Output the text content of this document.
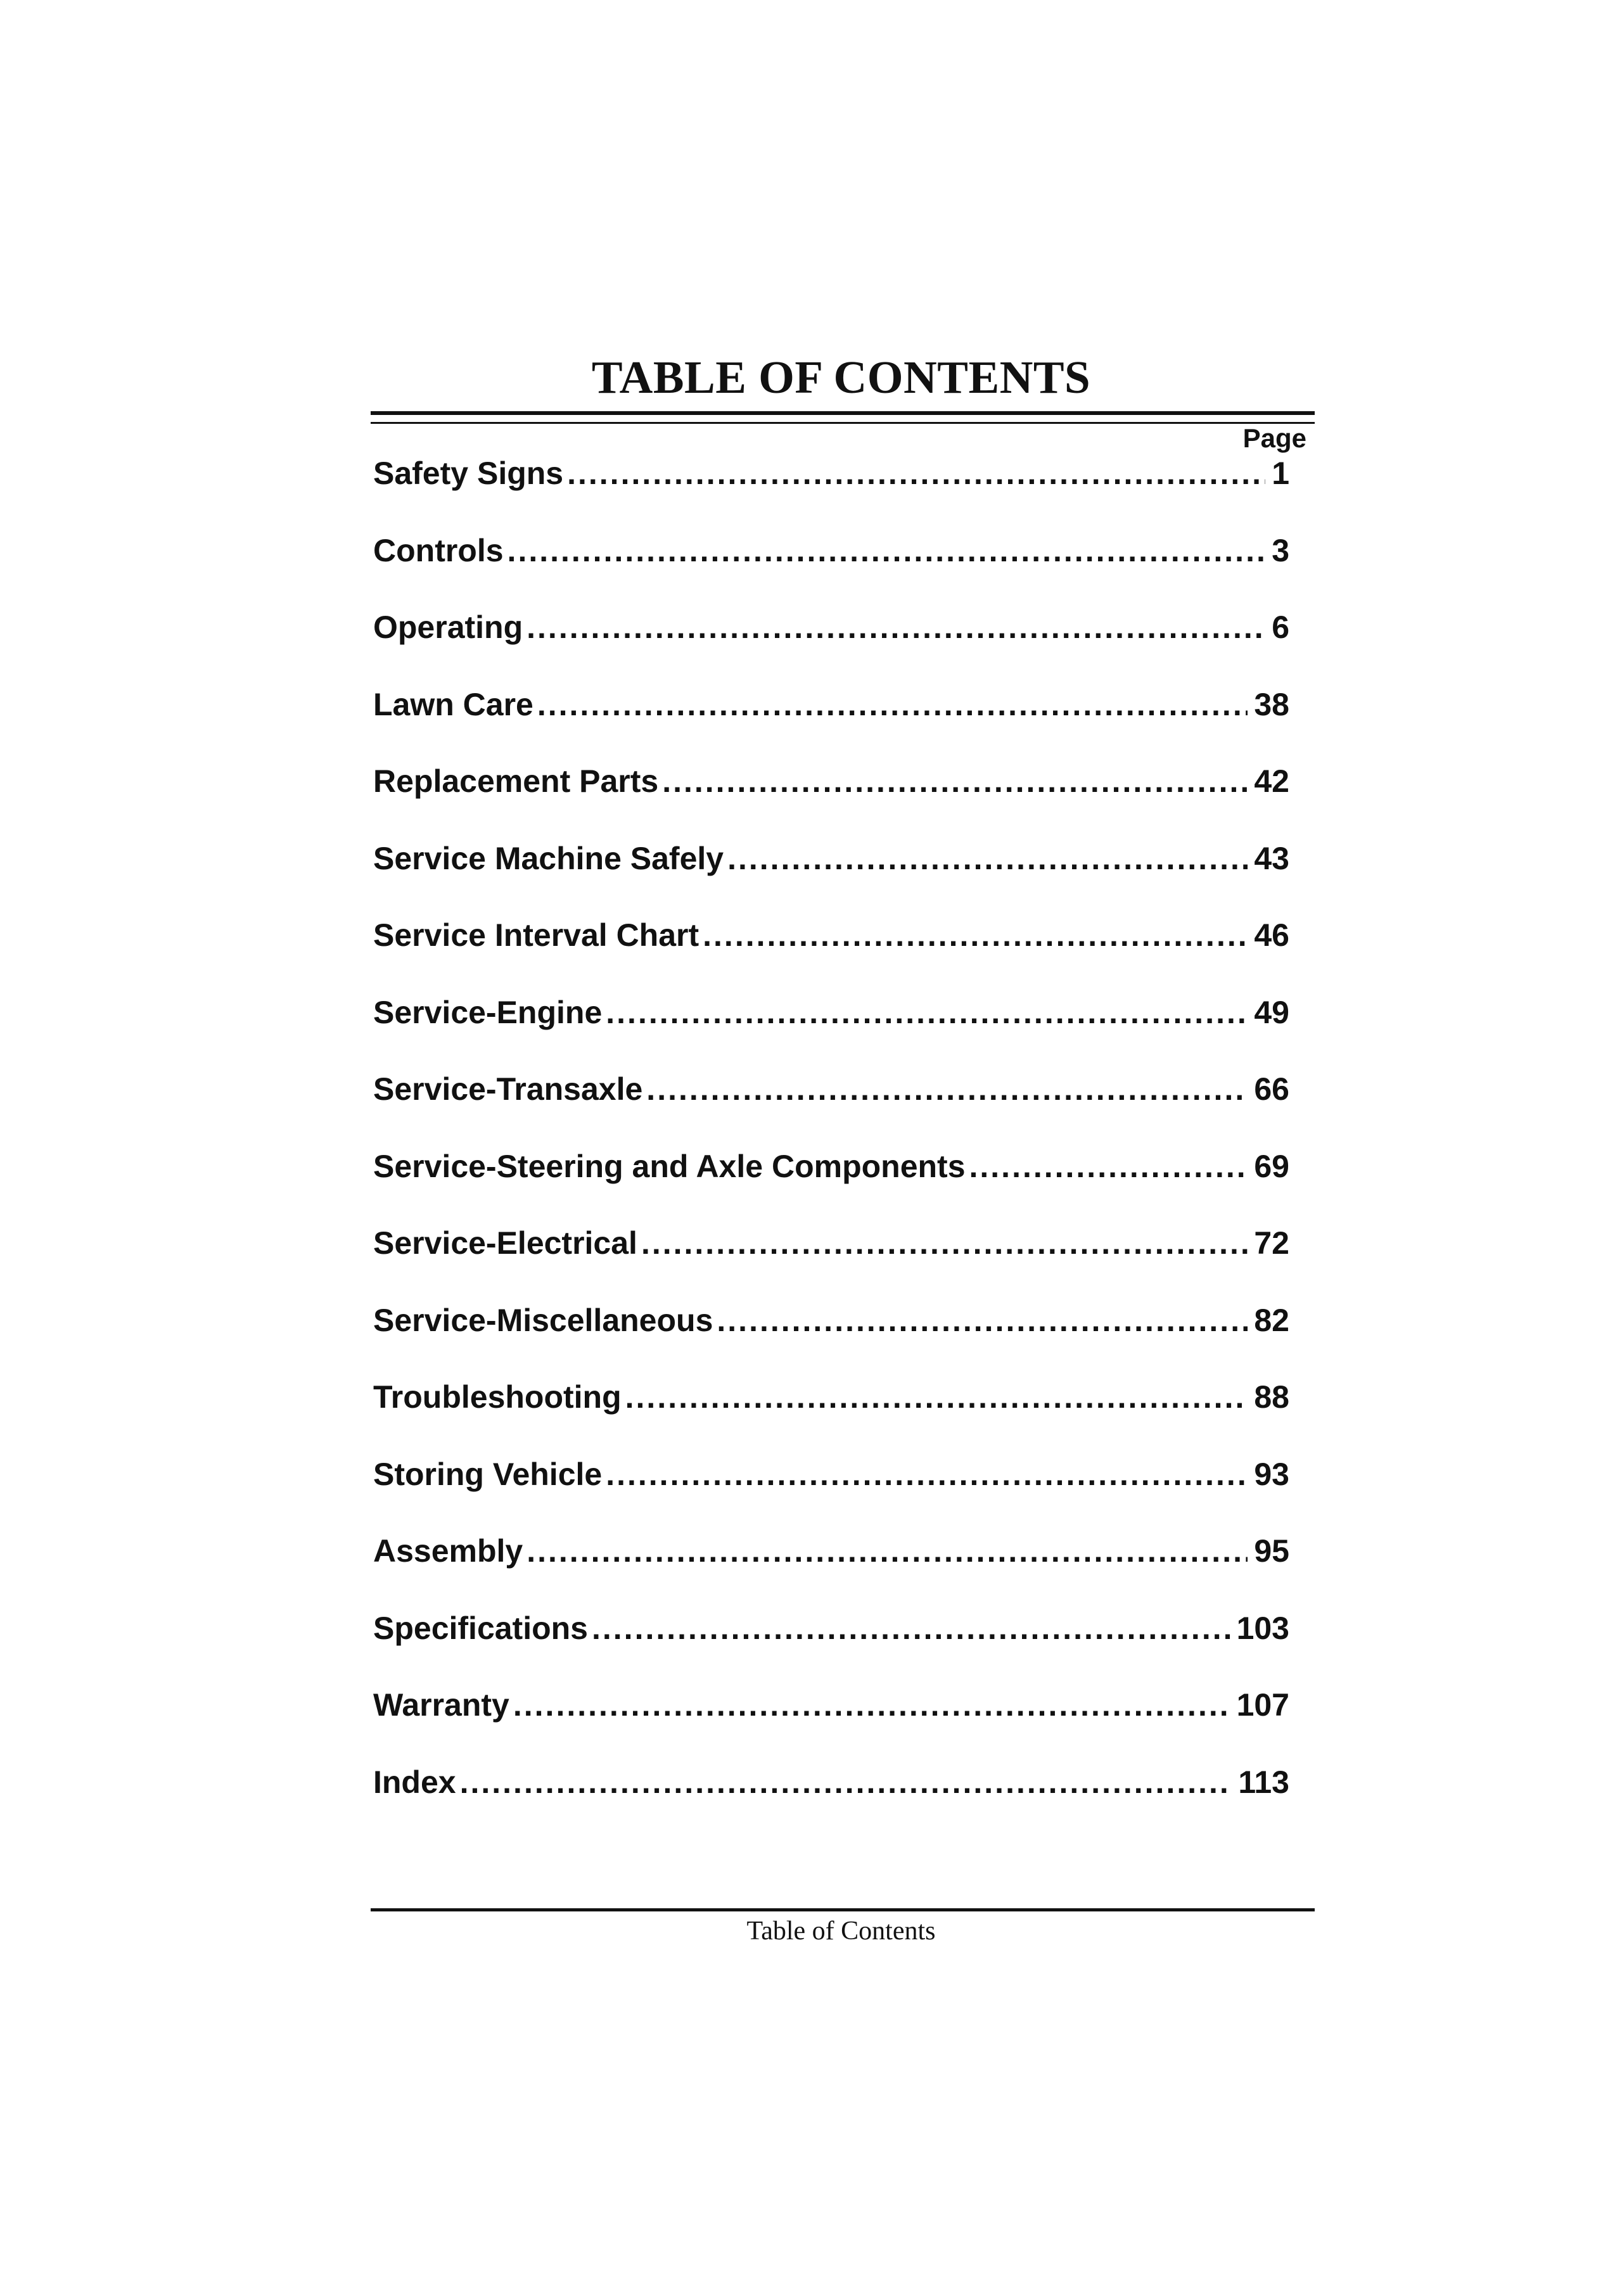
TABLE OF CONTENTS
Page
Safety Signs .....	1
Controls .....	3
Operating .....	6
Lawn Care .....	38
Replacement Parts .....	42
Service Machine Safely .....	43
Service Interval Chart .....	46
Service-Engine .....	49
Service-Transaxle .....	66
Service-Steering and Axle Components .....	69
Service-Electrical .....	72
Service-Miscellaneous .....	82
Troubleshooting .....	88
Storing Vehicle .....	93
Assembly .....	95
Specifications .....	103
Warranty .....	107
Index .....	113
Table of Contents
